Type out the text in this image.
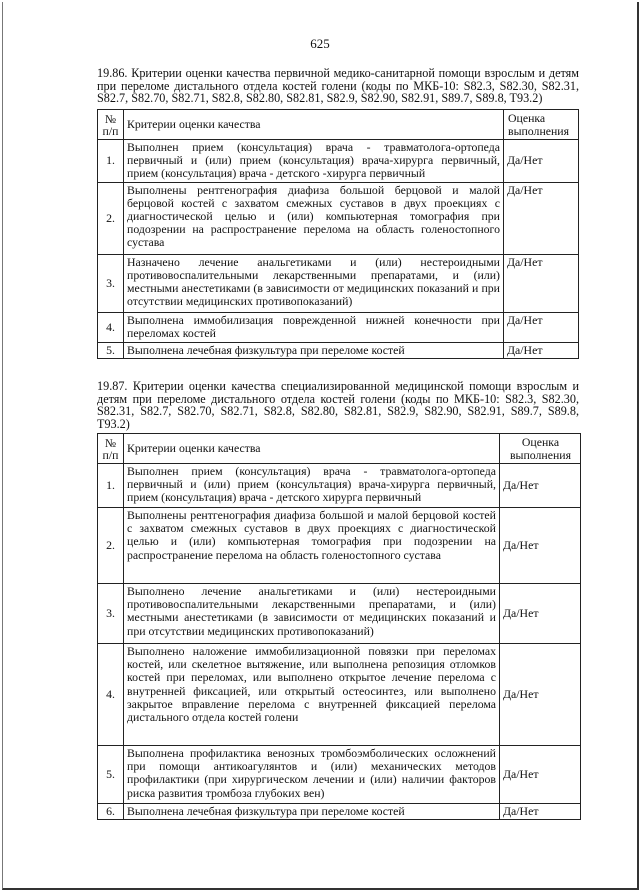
625
19.86. Критерии оценки качества первичной медико-санитарной помощи взрослым и детям при переломе дистального отдела костей голени (коды по МКБ-10: S82.3, S82.30, S82.31, S82.7, S82.70, S82.71, S82.8, S82.80, S82.81, S82.9, S82.90, S82.91, S89.7, S89.8, T93.2)
№ п/п	Критерии оценки качества	Оценка выполнения
1.	Выполнен прием (консультация) врача - травматолога-ортопеда первичный и (или) прием (консультация) врача-хирурга первичный, прием (консультация) врача - детского -хирурга первичный	Да/Нет
2.	Выполнены рентгенография диафиза большой берцовой и малой берцовой костей с захватом смежных суставов в двух проекциях с диагностической целью и (или) компьютерная томография при подозрении на распространение перелома на область голеностопного сустава	Да/Нет
3.	Назначено лечение анальгетиками и (или) нестероидными противовоспалительными лекарственными препаратами, и (или) местными анестетиками (в зависимости от медицинских показаний и при отсутствии медицинских противопоказаний)	Да/Нет
4.	Выполнена иммобилизация поврежденной нижней конечности при переломах костей	Да/Нет
5.	Выполнена лечебная физкультура при переломе костей	Да/Нет
19.87. Критерии оценки качества специализированной медицинской помощи взрослым и детям при переломе дистального отдела костей голени (коды по МКБ-10: S82.3, S82.30, S82.31, S82.7, S82.70, S82.71, S82.8, S82.80, S82.81, S82.9, S82.90, S82.91, S89.7, S89.8, T93.2)
№ п/п	Критерии оценки качества	Оценка выполнения
1.	Выполнен прием (консультация) врача - травматолога-ортопеда первичный и (или) прием (консультация) врача-хирурга первичный, прием (консультация) врача - детского хирурга первичный	Да/Нет
2.	Выполнены рентгенография диафиза большой и малой берцовой костей с захватом смежных суставов в двух проекциях с диагностической целью и (или) компьютерная томография при подозрении на распространение перелома на область голеностопного сустава	Да/Нет
3.	Выполнено лечение анальгетиками и (или) нестероидными противовоспалительными лекарственными препаратами, и (или) местными анестетиками (в зависимости от медицинских показаний и при отсутствии медицинских противопоказаний)	Да/Нет
4.	Выполнено наложение иммобилизационной повязки при переломах костей, или скелетное вытяжение, или выполнена репозиция отломков костей при переломах, или выполнено открытое лечение перелома с внутренней фиксацией, или открытый остеосинтез, или выполнено закрытое вправление перелома с внутренней фиксацией перелома дистального отдела костей голени	Да/Нет
5.	Выполнена профилактика венозных тромбоэмболических осложнений при помощи антикоагулянтов и (или) механических методов профилактики (при хирургическом лечении и (или) наличии факторов риска развития тромбоза глубоких вен)	Да/Нет
6.	Выполнена лечебная физкультура при переломе костей	Да/Нет
